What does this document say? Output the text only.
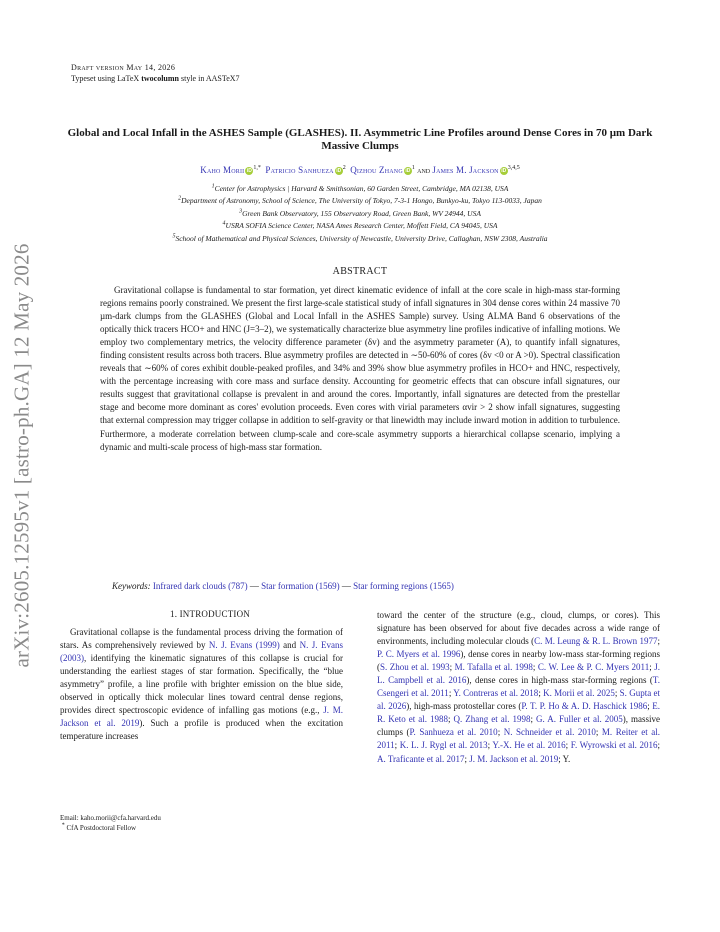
arXiv:2605.12595v1 [astro-ph.GA] 12 May 2026
Draft version May 14, 2026
Typeset using LaTeX twocolumn style in AASTeX7
Global and Local Infall in the ASHES Sample (GLASHES). II. Asymmetric Line Profiles around Dense Cores in 70 µm Dark Massive Clumps
Kaho Morii iD $^{1,*}$ Patricio Sanhueza iD $^2$ Qizhou Zhang iD $^1$ and James M. Jackson iD $^{3,4,5}$
$^1$Center for Astrophysics | Harvard & Smithsonian, 60 Garden Street, Cambridge, MA 02138, USA
$^2$Department of Astronomy, School of Science, The University of Tokyo, 7-3-1 Hongo, Bunkyo-ku, Tokyo 113-0033, Japan
$^3$Green Bank Observatory, 155 Observatory Road, Green Bank, WV 24944, USA
$^4$USRA SOFIA Science Center, NASA Ames Research Center, Moffett Field, CA 94045, USA
$^5$School of Mathematical and Physical Sciences, University of Newcastle, University Drive, Callaghan, NSW 2308, Australia
ABSTRACT

Gravitational collapse is fundamental to star formation, yet direct kinematic evidence of infall at the core scale in high-mass star-forming regions remains poorly constrained. We present the first large-scale statistical study of infall signatures in 304 dense cores within 24 massive 70 µm-dark clumps from the GLASHES (Global and Local Infall in the ASHES Sample) survey. Using ALMA Band 6 observations of the optically thick tracers HCO+ and HNC (J=3–2), we systematically characterize blue asymmetry line profiles indicative of infalling motions. We employ two complementary metrics, the velocity difference parameter (δv) and the asymmetry parameter (A), to quantify infall signatures, finding consistent results across both tracers. Blue asymmetry profiles are detected in ∼50-60% of cores (δv <0 or A >0). Spectral classification reveals that ∼60% of cores exhibit double-peaked profiles, and 34% and 39% show blue asymmetry profiles in HCO+ and HNC, respectively, with the percentage increasing with core mass and surface density. Accounting for geometric effects that can obscure infall signatures, our results suggest that gravitational collapse is prevalent in and around the cores. Importantly, infall signatures are detected from the prestellar stage and become more dominant as cores' evolution proceeds. Even cores with virial parameters αvir > 2 show infall signatures, suggesting that external compression may trigger collapse in addition to self-gravity or that linewidth may include inward motion in addition to turbulence. Furthermore, a moderate correlation between clump-scale and core-scale asymmetry supports a hierarchical collapse scenario, implying a dynamic and multi-scale process of high-mass star formation.

Keywords: Infrared dark clouds (787) — Star formation (1569) — Star forming regions (1565)
1. INTRODUCTION

Gravitational collapse is the fundamental process driving the formation of stars. As comprehensively reviewed by N. J. Evans (1999) and N. J. Evans (2003), identifying the kinematic signatures of this collapse is crucial for understanding the earliest stages of star formation. Specifically, the “blue asymmetry” profile, a line profile with brighter emission on the blue side, observed in optically thick molecular lines toward central dense regions, provides direct spectroscopic evidence of infalling gas motions (e.g., J. M. Jackson et al. 2019). Such a profile is produced when the excitation temperature increases

toward the center of the structure (e.g., cloud, clumps, or cores). This signature has been observed for about five decades across a wide range of environments, including molecular clouds (C. M. Leung & R. L. Brown 1977; P. C. Myers et al. 1996), dense cores in nearby low-mass star-forming regions (S. Zhou et al. 1993; M. Tafalla et al. 1998; C. W. Lee & P. C. Myers 2011; J. L. Campbell et al. 2016), dense cores in high-mass star-forming regions (T. Csengeri et al. 2011; Y. Contreras et al. 2018; K. Morii et al. 2025; S. Gupta et al. 2026), high-mass protostellar cores (P. T. P. Ho & A. D. Haschick 1986; E. R. Keto et al. 1988; Q. Zhang et al. 1998; G. A. Fuller et al. 2005), massive clumps (P. Sanhueza et al. 2010; N. Schneider et al. 2010; M. Reiter et al. 2011; K. L. J. Rygl et al. 2013; Y.-X. He et al. 2016; F. Wyrowski et al. 2016; A. Traficante et al. 2017; J. M. Jackson et al. 2019; Y.

Email: kaho.morii@cfa.harvard.edu
* CfA Postdoctoral Fellow
